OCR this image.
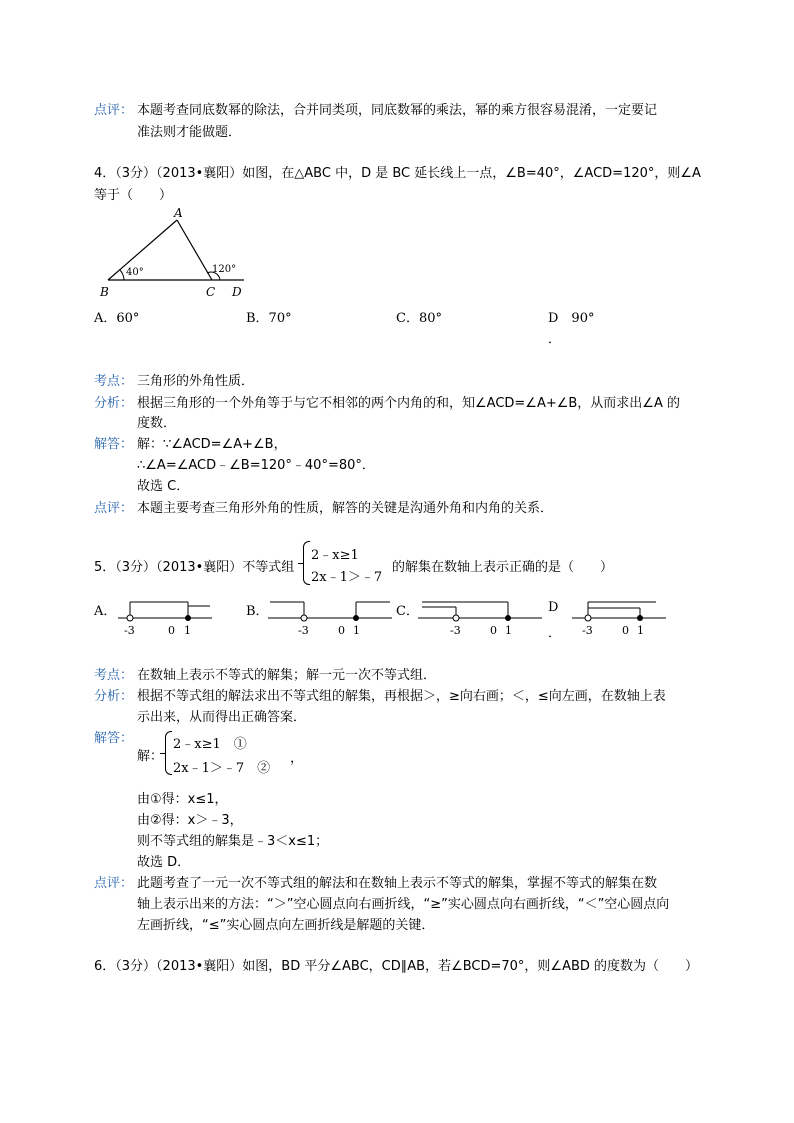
点评： 本题考查同底数幂的除法，合并同类项，同底数幂的乘法，幂的乘方很容易混淆，一定要记
准法则才能做题．
4．（3分）（2013•襄阳）如图，在△ABC 中，D 是 BC 延长线上一点，∠B=40°，∠ACD=120°，则∠A
等于（　　）
A
B	C D
40°	120°
A．60°	B．70°	C．80°	D　90°
．
考点： 三角形的外角性质．
分析： 根据三角形的一个外角等于与它不相邻的两个内角的和，知∠ACD=∠A+∠B，从而求出∠A 的
度数．
解答： 解：∵∠ACD=∠A+∠B，
∴∠A=∠ACD﹣∠B=120°﹣40°=80°．
故选 C．
点评： 本题主要考查三角形外角的性质，解答的关键是沟通外角和内角的关系．
5．（3分）（2013•襄阳）不等式组
2﹣x≥1
2x﹣1＞﹣7
的解集在数轴上表示正确的是（　　）
A．
-3	0 1
B．
-3	0 1
C．
-3	0 1
D
． -3	0 1
考点： 在数轴上表示不等式的解集；解一元一次不等式组．
分析： 根据不等式组的解法求出不等式组的解集，再根据＞，≥向右画；＜，≤向左画，在数轴上表
示出来，从而得出正确答案．
解答：
解：
2﹣x≥1　①
2x﹣1＞﹣7　②
，
由①得：x≤1，
由②得：x＞﹣3，
则不等式组的解集是﹣3＜x≤1；
故选 D．
点评： 此题考查了一元一次不等式组的解法和在数轴上表示不等式的解集，掌握不等式的解集在数
轴上表示出来的方法：“＞”空心圆点向右画折线，“≥”实心圆点向右画折线，“＜”空心圆点向
左画折线，“≤”实心圆点向左画折线是解题的关键．
6．（3分）（2013•襄阳）如图，BD 平分∠ABC，CD∥AB，若∠BCD=70°，则∠ABD 的度数为（　　）
